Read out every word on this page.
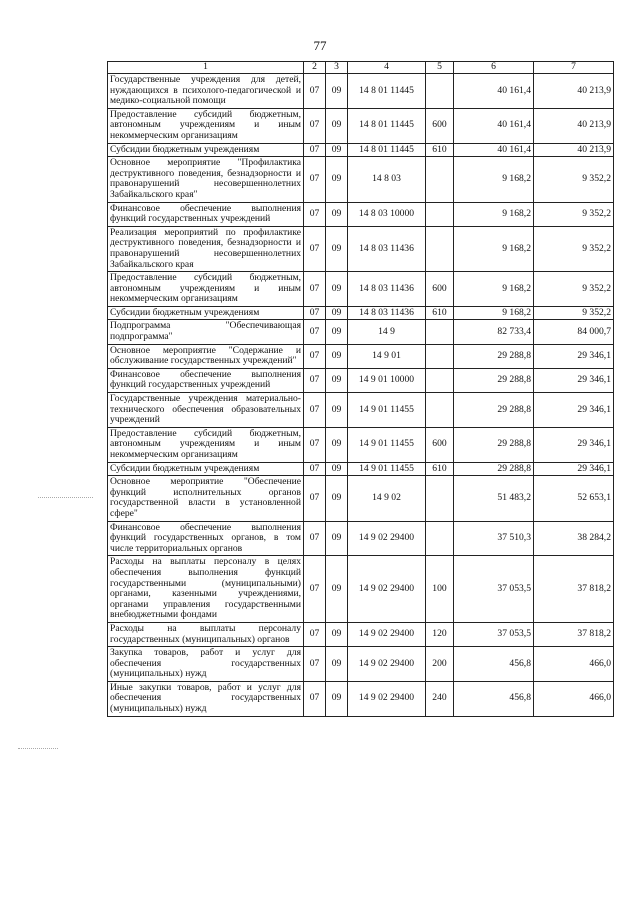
77
1	2	3	4	5	6	7
Государственные учреждения для детей, нуждающихся в психолого-педагогической и медико-социальной помощи	07	09	14 8 01 11445		40 161,4	40 213,9
Предоставление субсидий бюджетным, автономным учреждениям и иным некоммерческим организациям	07	09	14 8 01 11445	600	40 161,4	40 213,9
Субсидии бюджетным учреждениям	07	09	14 8 01 11445	610	40 161,4	40 213,9
Основное мероприятие "Профилактика деструктивного поведения, безнадзорности и правонарушений несовершеннолетних Забайкальского края"	07	09	14 8 03		9 168,2	9 352,2
Финансовое обеспечение выполнения функций государственных учреждений	07	09	14 8 03 10000		9 168,2	9 352,2
Реализация мероприятий по профилактике деструктивного поведения, безнадзорности и правонарушений несовершеннолетних Забайкальского края	07	09	14 8 03 11436		9 168,2	9 352,2
Предоставление субсидий бюджетным, автономным учреждениям и иным некоммерческим организациям	07	09	14 8 03 11436	600	9 168,2	9 352,2
Субсидии бюджетным учреждениям	07	09	14 8 03 11436	610	9 168,2	9 352,2
Подпрограмма "Обеспечивающая подпрограмма"	07	09	14 9		82 733,4	84 000,7
Основное мероприятие "Содержание и обслуживание государственных учреждений"	07	09	14 9 01		29 288,8	29 346,1
Финансовое обеспечение выполнения функций государственных учреждений	07	09	14 9 01 10000		29 288,8	29 346,1
Государственные учреждения материально-технического обеспечения образовательных учреждений	07	09	14 9 01 11455		29 288,8	29 346,1
Предоставление субсидий бюджетным, автономным учреждениям и иным некоммерческим организациям	07	09	14 9 01 11455	600	29 288,8	29 346,1
Субсидии бюджетным учреждениям	07	09	14 9 01 11455	610	29 288,8	29 346,1
Основное мероприятие "Обеспечение функций исполнительных органов государственной власти в установленной сфере"	07	09	14 9 02		51 483,2	52 653,1
Финансовое обеспечение выполнения функций государственных органов, в том числе территориальных органов	07	09	14 9 02 29400		37 510,3	38 284,2
Расходы на выплаты персоналу в целях обеспечения выполнения функций государственными (муниципальными) органами, казенными учреждениями, органами управления государственными внебюджетными фондами	07	09	14 9 02 29400	100	37 053,5	37 818,2
Расходы на выплаты персоналу государственных (муниципальных) органов	07	09	14 9 02 29400	120	37 053,5	37 818,2
Закупка товаров, работ и услуг для обеспечения государственных (муниципальных) нужд	07	09	14 9 02 29400	200	456,8	466,0
Иные закупки товаров, работ и услуг для обеспечения государственных (муниципальных) нужд	07	09	14 9 02 29400	240	456,8	466,0
